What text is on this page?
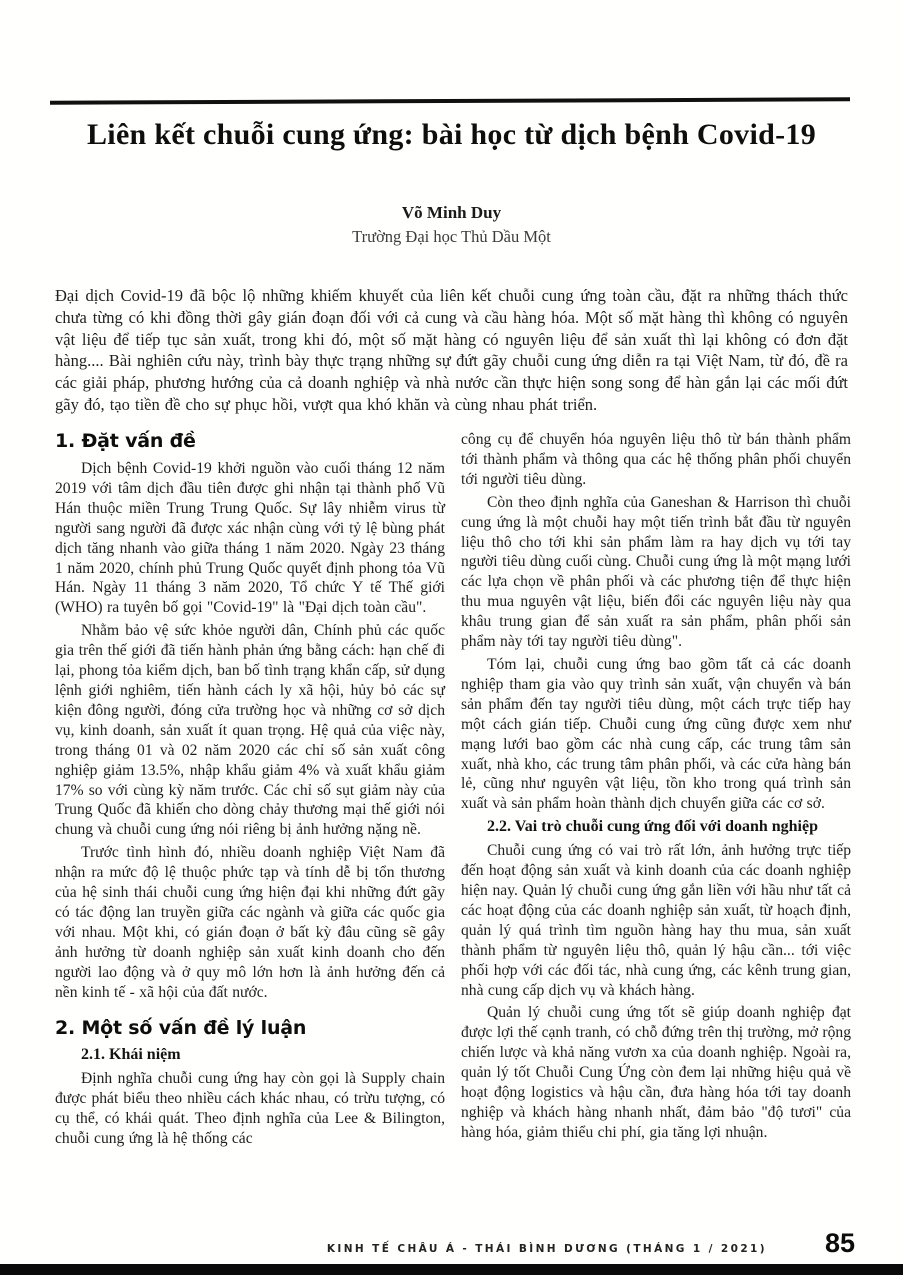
Liên kết chuỗi cung ứng: bài học từ dịch bệnh Covid-19

Võ Minh Duy

Trường Đại học Thủ Dầu Một

Đại dịch Covid-19 đã bộc lộ những khiếm khuyết của liên kết chuỗi cung ứng toàn cầu, đặt ra những thách thức chưa từng có khi đồng thời gây gián đoạn đối với cả cung và cầu hàng hóa. Một số mặt hàng thì không có nguyên vật liệu để tiếp tục sản xuất, trong khi đó, một số mặt hàng có nguyên liệu để sản xuất thì lại không có đơn đặt hàng.... Bài nghiên cứu này, trình bày thực trạng những sự đứt gãy chuỗi cung ứng diễn ra tại Việt Nam, từ đó, đề ra các giải pháp, phương hướng của cả doanh nghiệp và nhà nước cần thực hiện song song để hàn gắn lại các mối đứt gãy đó, tạo tiền đề cho sự phục hồi, vượt qua khó khăn và cùng nhau phát triển.

1. Đặt vấn đề

Dịch bệnh Covid-19 khởi nguồn vào cuối tháng 12 năm 2019 với tâm dịch đầu tiên được ghi nhận tại thành phố Vũ Hán thuộc miền Trung Trung Quốc. Sự lây nhiễm virus từ người sang người đã được xác nhận cùng với tỷ lệ bùng phát dịch tăng nhanh vào giữa tháng 1 năm 2020. Ngày 23 tháng 1 năm 2020, chính phủ Trung Quốc quyết định phong tỏa Vũ Hán. Ngày 11 tháng 3 năm 2020, Tổ chức Y tế Thế giới (WHO) ra tuyên bố gọi "Covid-19" là "Đại dịch toàn cầu".

Nhằm bảo vệ sức khỏe người dân, Chính phủ các quốc gia trên thế giới đã tiến hành phản ứng bằng cách: hạn chế đi lại, phong tỏa kiểm dịch, ban bố tình trạng khẩn cấp, sử dụng lệnh giới nghiêm, tiến hành cách ly xã hội, hủy bỏ các sự kiện đông người, đóng cửa trường học và những cơ sở dịch vụ, kinh doanh, sản xuất ít quan trọng. Hệ quả của việc này, trong tháng 01 và 02 năm 2020 các chỉ số sản xuất công nghiệp giảm 13.5%, nhập khẩu giảm 4% và xuất khẩu giảm 17% so với cùng kỳ năm trước. Các chỉ số sụt giảm này của Trung Quốc đã khiến cho dòng chảy thương mại thế giới nói chung và chuỗi cung ứng nói riêng bị ảnh hưởng nặng nề.

Trước tình hình đó, nhiều doanh nghiệp Việt Nam đã nhận ra mức độ lệ thuộc phức tạp và tính dễ bị tổn thương của hệ sinh thái chuỗi cung ứng hiện đại khi những đứt gãy có tác động lan truyền giữa các ngành và giữa các quốc gia với nhau. Một khi, có gián đoạn ở bất kỳ đâu cũng sẽ gây ảnh hưởng từ doanh nghiệp sản xuất kinh doanh cho đến người lao động và ở quy mô lớn hơn là ảnh hưởng đến cả nền kinh tế - xã hội của đất nước.

2. Một số vấn đề lý luận
2.1. Khái niệm

Định nghĩa chuỗi cung ứng hay còn gọi là Supply chain được phát biểu theo nhiều cách khác nhau, có trừu tượng, có cụ thể, có khái quát. Theo định nghĩa của Lee & Bilington, chuỗi cung ứng là hệ thống các

công cụ để chuyển hóa nguyên liệu thô từ bán thành phẩm tới thành phẩm và thông qua các hệ thống phân phối chuyển tới người tiêu dùng.

Còn theo định nghĩa của Ganeshan & Harrison thì chuỗi cung ứng là một chuỗi hay một tiến trình bắt đầu từ nguyên liệu thô cho tới khi sản phẩm làm ra hay dịch vụ tới tay người tiêu dùng cuối cùng. Chuỗi cung ứng là một mạng lưới các lựa chọn về phân phối và các phương tiện để thực hiện thu mua nguyên vật liệu, biến đổi các nguyên liệu này qua khâu trung gian để sản xuất ra sản phẩm, phân phối sản phẩm này tới tay người tiêu dùng".

Tóm lại, chuỗi cung ứng bao gồm tất cả các doanh nghiệp tham gia vào quy trình sản xuất, vận chuyển và bán sản phẩm đến tay người tiêu dùng, một cách trực tiếp hay một cách gián tiếp. Chuỗi cung ứng cũng được xem như mạng lưới bao gồm các nhà cung cấp, các trung tâm sản xuất, nhà kho, các trung tâm phân phối, và các cửa hàng bán lẻ, cũng như nguyên vật liệu, tồn kho trong quá trình sản xuất và sản phẩm hoàn thành dịch chuyển giữa các cơ sở.

2.2. Vai trò chuỗi cung ứng đối với doanh nghiệp

Chuỗi cung ứng có vai trò rất lớn, ảnh hưởng trực tiếp đến hoạt động sản xuất và kinh doanh của các doanh nghiệp hiện nay. Quản lý chuỗi cung ứng gắn liền với hầu như tất cả các hoạt động của các doanh nghiệp sản xuất, từ hoạch định, quản lý quá trình tìm nguồn hàng hay thu mua, sản xuất thành phẩm từ nguyên liệu thô, quản lý hậu cần... tới việc phối hợp với các đối tác, nhà cung ứng, các kênh trung gian, nhà cung cấp dịch vụ và khách hàng.

Quản lý chuỗi cung ứng tốt sẽ giúp doanh nghiệp đạt được lợi thế cạnh tranh, có chỗ đứng trên thị trường, mở rộng chiến lược và khả năng vươn xa của doanh nghiệp. Ngoài ra, quản lý tốt Chuỗi Cung Ứng còn đem lại những hiệu quả về hoạt động logistics và hậu cần, đưa hàng hóa tới tay doanh nghiệp và khách hàng nhanh nhất, đảm bảo "độ tươi" của hàng hóa, giảm thiểu chi phí, gia tăng lợi nhuận.

KINH TẾ CHÂU Á - THÁI BÌNH DƯƠNG (THÁNG 1 / 2021) 85
